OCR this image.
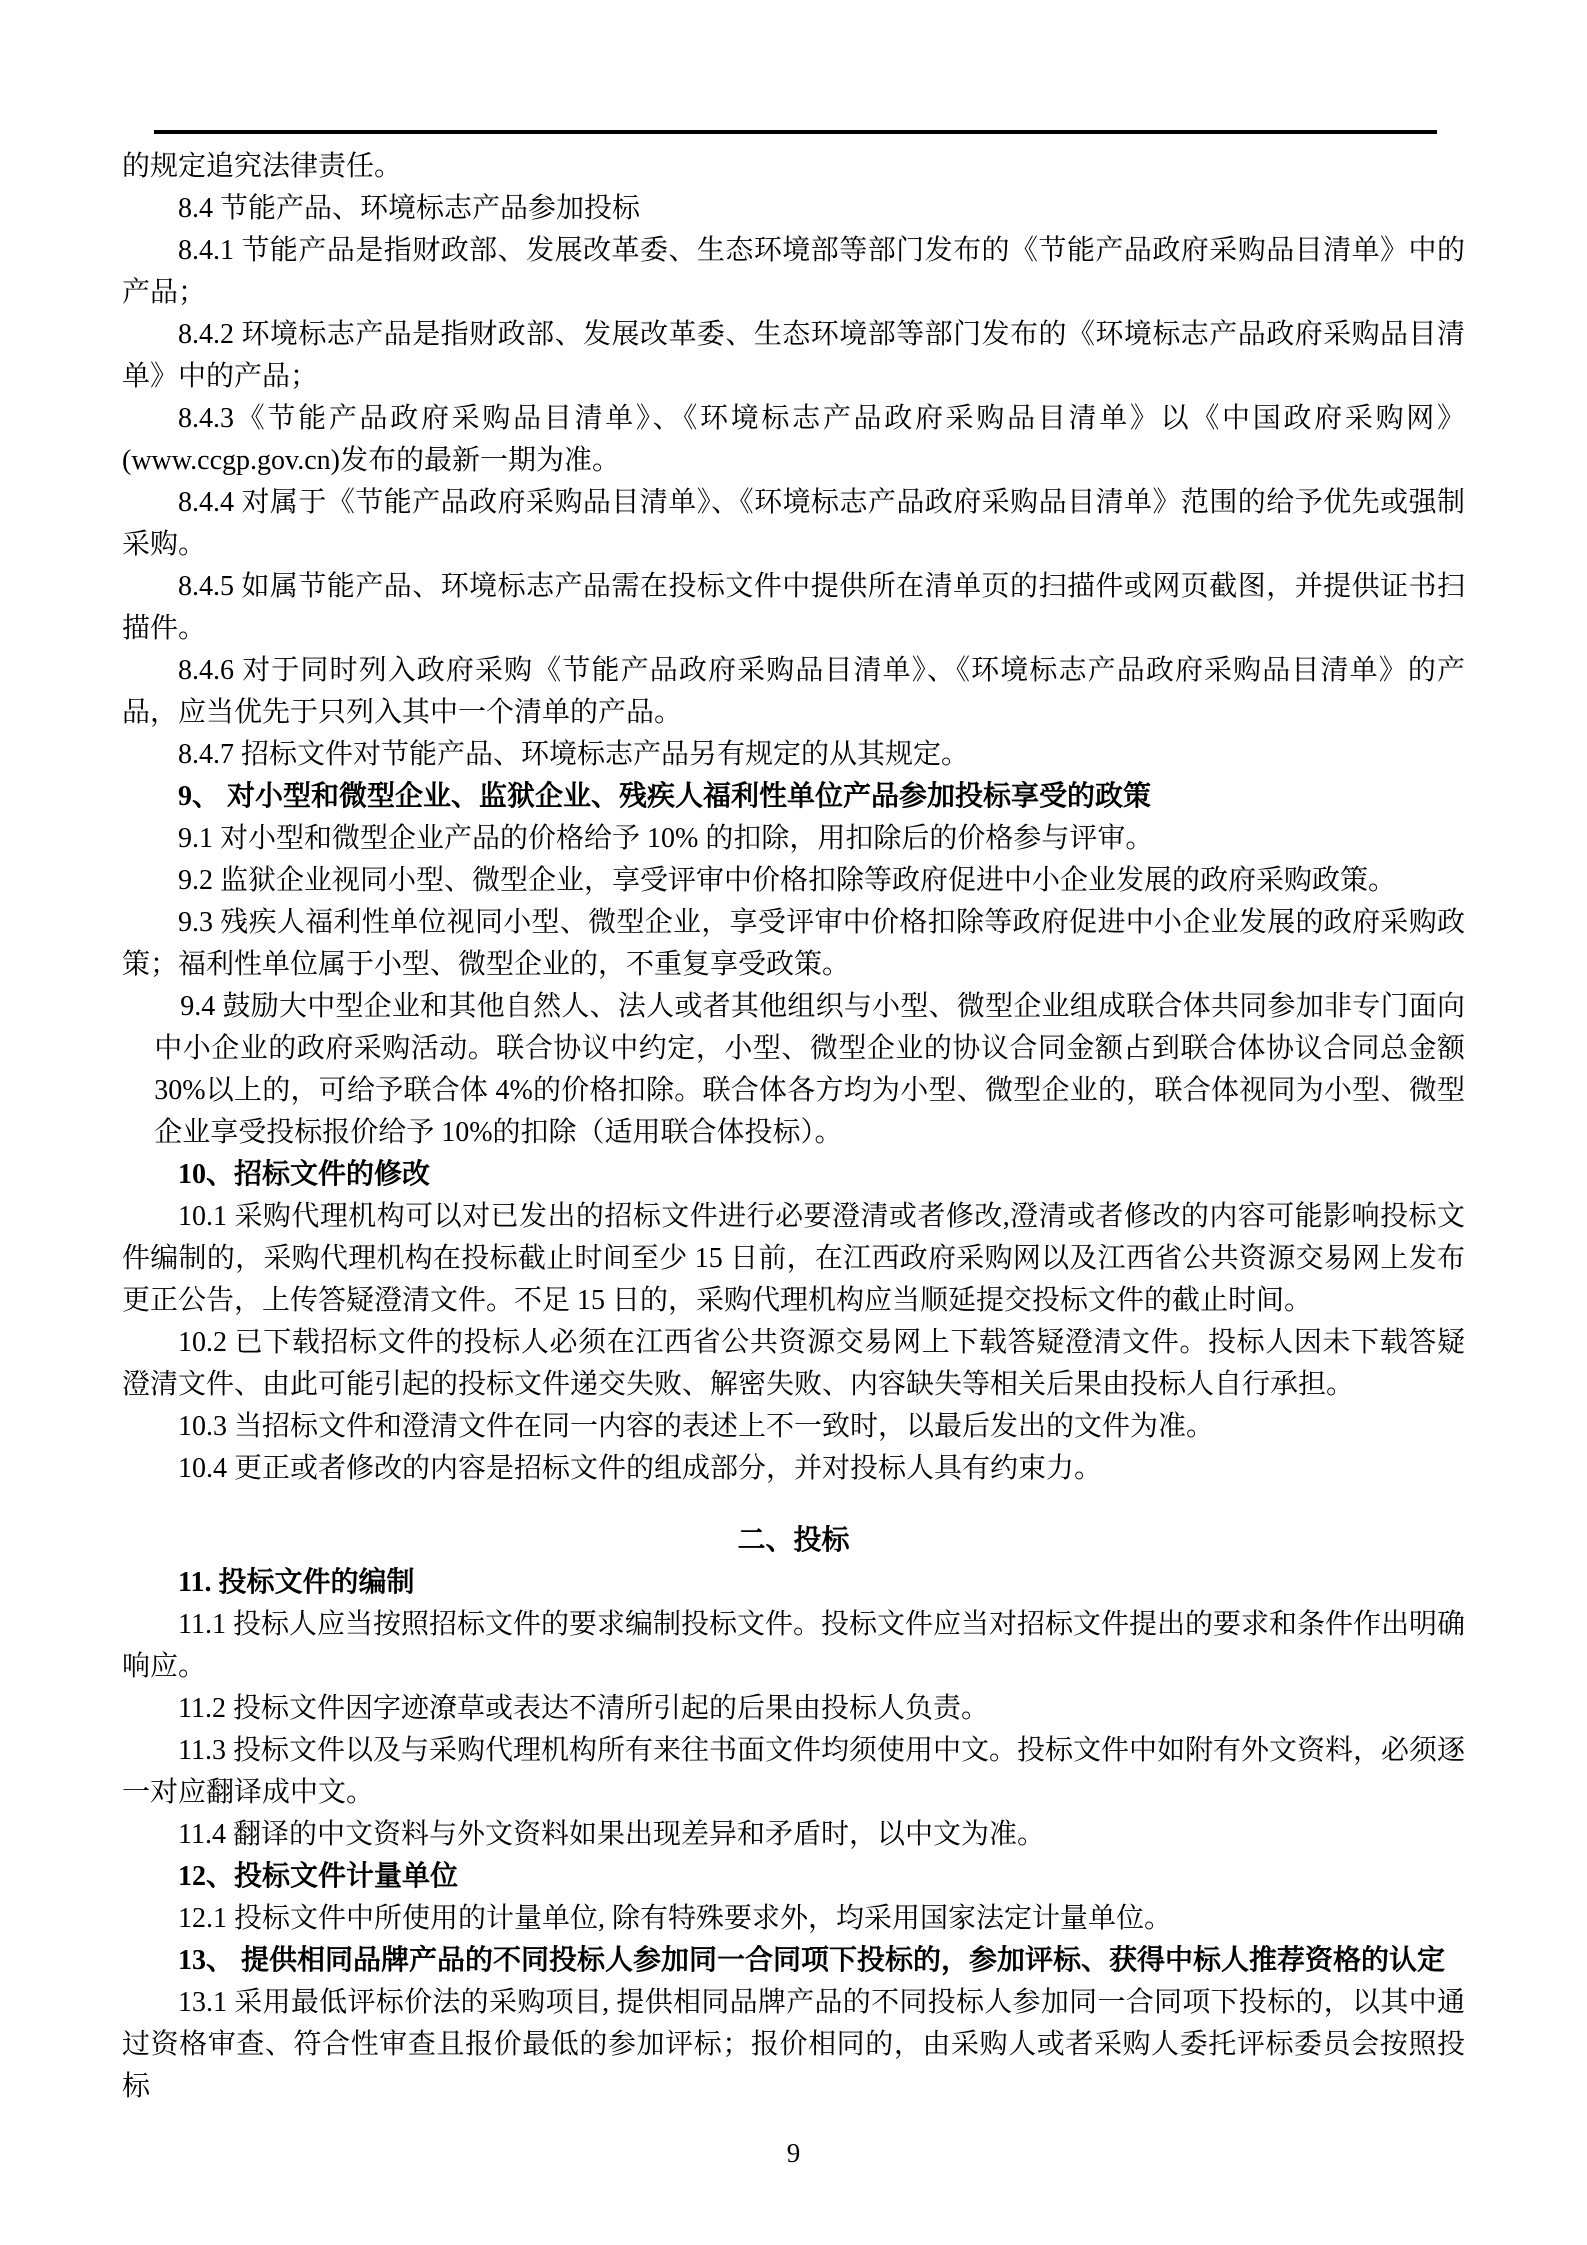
的规定追究法律责任。

8.4 节能产品、环境标志产品参加投标

8.4.1 节能产品是指财政部、发展改革委、生态环境部等部门发布的《节能产品政府采购品目清单》中的产品；

8.4.2 环境标志产品是指财政部、发展改革委、生态环境部等部门发布的《环境标志产品政府采购品目清单》中的产品；

8.4.3《节能产品政府采购品目清单》、《环境标志产品政府采购品目清单》以《中国政府采购网》(www.ccgp.gov.cn)发布的最新一期为准。

8.4.4 对属于《节能产品政府采购品目清单》、《环境标志产品政府采购品目清单》范围的给予优先或强制采购。

8.4.5 如属节能产品、环境标志产品需在投标文件中提供所在清单页的扫描件或网页截图，并提供证书扫描件。

8.4.6 对于同时列入政府采购《节能产品政府采购品目清单》、《环境标志产品政府采购品目清单》的产品，应当优先于只列入其中一个清单的产品。

8.4.7 招标文件对节能产品、环境标志产品另有规定的从其规定。

9、 对小型和微型企业、监狱企业、残疾人福利性单位产品参加投标享受的政策

9.1 对小型和微型企业产品的价格给予 10% 的扣除，用扣除后的价格参与评审。

9.2 监狱企业视同小型、微型企业，享受评审中价格扣除等政府促进中小企业发展的政府采购政策。

9.3 残疾人福利性单位视同小型、微型企业，享受评审中价格扣除等政府促进中小企业发展的政府采购政策；福利性单位属于小型、微型企业的，不重复享受政策。

9.4 鼓励大中型企业和其他自然人、法人或者其他组织与小型、微型企业组成联合体共同参加非专门面向中小企业的政府采购活动。联合协议中约定，小型、微型企业的协议合同金额占到联合体协议合同总金额 30%以上的，可给予联合体 4%的价格扣除。联合体各方均为小型、微型企业的，联合体视同为小型、微型企业享受投标报价给予 10%的扣除（适用联合体投标）。

10、招标文件的修改

10.1 采购代理机构可以对已发出的招标文件进行必要澄清或者修改,澄清或者修改的内容可能影响投标文件编制的，采购代理机构在投标截止时间至少 15 日前，在江西政府采购网以及江西省公共资源交易网上发布更正公告，上传答疑澄清文件。不足 15 日的，采购代理机构应当顺延提交投标文件的截止时间。

10.2 已下载招标文件的投标人必须在江西省公共资源交易网上下载答疑澄清文件。投标人因未下载答疑澄清文件、由此可能引起的投标文件递交失败、解密失败、内容缺失等相关后果由投标人自行承担。

10.3 当招标文件和澄清文件在同一内容的表述上不一致时，以最后发出的文件为准。

10.4 更正或者修改的内容是招标文件的组成部分，并对投标人具有约束力。

二、投标

11. 投标文件的编制

11.1 投标人应当按照招标文件的要求编制投标文件。投标文件应当对招标文件提出的要求和条件作出明确响应。

11.2 投标文件因字迹潦草或表达不清所引起的后果由投标人负责。

11.3 投标文件以及与采购代理机构所有来往书面文件均须使用中文。投标文件中如附有外文资料，必须逐一对应翻译成中文。

11.4 翻译的中文资料与外文资料如果出现差异和矛盾时，以中文为准。

12、投标文件计量单位

12.1 投标文件中所使用的计量单位, 除有特殊要求外，均采用国家法定计量单位。

13、 提供相同品牌产品的不同投标人参加同一合同项下投标的，参加评标、获得中标人推荐资格的认定

13.1 采用最低评标价法的采购项目, 提供相同品牌产品的不同投标人参加同一合同项下投标的，以其中通过资格审查、符合性审查且报价最低的参加评标；报价相同的，由采购人或者采购人委托评标委员会按照投标

9
